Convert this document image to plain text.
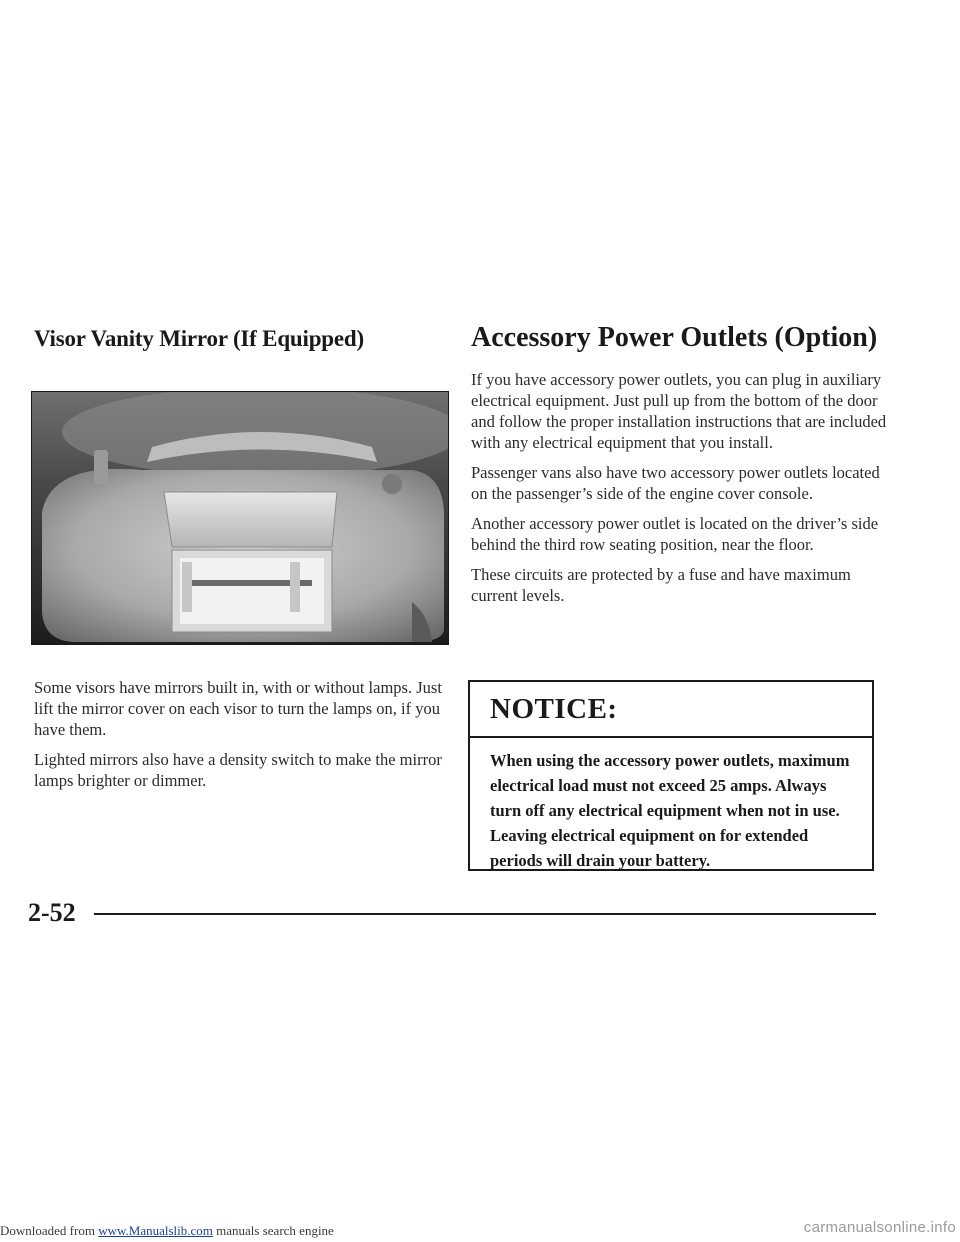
Visor Vanity Mirror (If Equipped)

Some visors have mirrors built in, with or without lamps. Just lift the mirror cover on each visor to turn the lamps on, if you have them.

Lighted mirrors also have a density switch to make the mirror lamps brighter or dimmer.

Accessory Power Outlets (Option)

If you have accessory power outlets, you can plug in auxiliary electrical equipment. Just pull up from the bottom of the door and follow the proper installation instructions that are included with any electrical equipment that you install.

Passenger vans also have two accessory power outlets located on the passenger’s side of the engine cover console.

Another accessory power outlet is located on the driver’s side behind the third row seating position, near the floor.

These circuits are protected by a fuse and have maximum current levels.

NOTICE:
When using the accessory power outlets, maximum electrical load must not exceed 25 amps. Always turn off any electrical equipment when not in use. Leaving electrical equipment on for extended periods will drain your battery.
2-52
Downloaded from www.Manualslib.com manuals search engine	carmanualsonline.info
